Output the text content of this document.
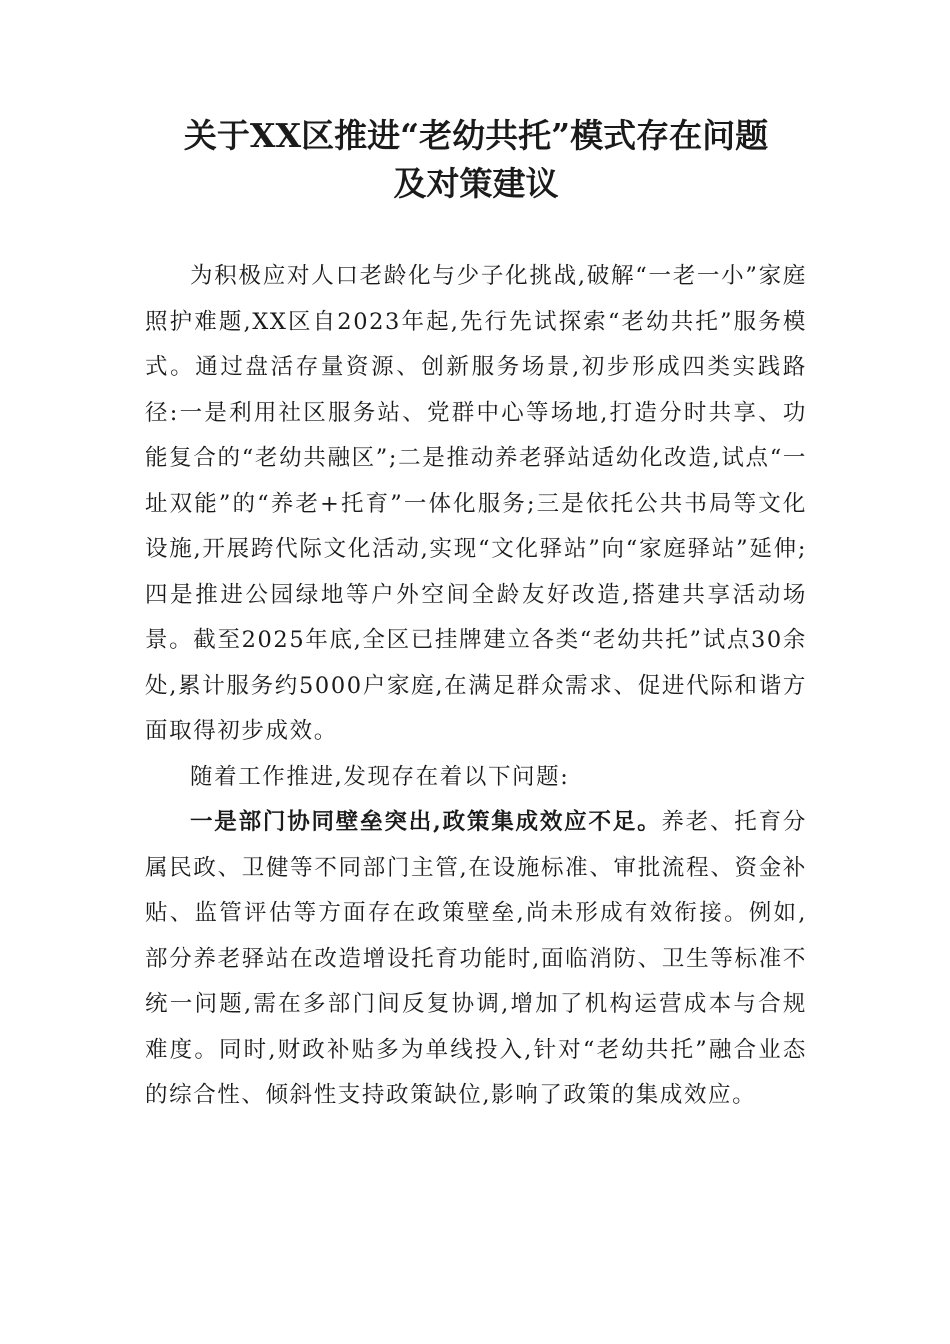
关于XX区推进“老幼共托”模式存在问题
及对策建议

为积极应对人口老龄化与少子化挑战,破解“一老一小”家庭照护难题,XX区自2023年起,先行先试探索“老幼共托”服务模式。通过盘活存量资源、创新服务场景,初步形成四类实践路径:一是利用社区服务站、党群中心等场地,打造分时共享、功能复合的“老幼共融区”;二是推动养老驿站适幼化改造,试点“一址双能”的“养老+托育”一体化服务;三是依托公共书局等文化设施,开展跨代际文化活动,实现“文化驿站”向“家庭驿站”延伸;四是推进公园绿地等户外空间全龄友好改造,搭建共享活动场景。截至2025年底,全区已挂牌建立各类“老幼共托”试点30余处,累计服务约5000户家庭,在满足群众需求、促进代际和谐方面取得初步成效。

随着工作推进,发现存在着以下问题:

一是部门协同壁垒突出,政策集成效应不足。养老、托育分属民政、卫健等不同部门主管,在设施标准、审批流程、资金补贴、监管评估等方面存在政策壁垒,尚未形成有效衔接。例如,部分养老驿站在改造增设托育功能时,面临消防、卫生等标准不统一问题,需在多部门间反复协调,增加了机构运营成本与合规难度。同时,财政补贴多为单线投入,针对“老幼共托”融合业态的综合性、倾斜性支持政策缺位,影响了政策的集成效应。
